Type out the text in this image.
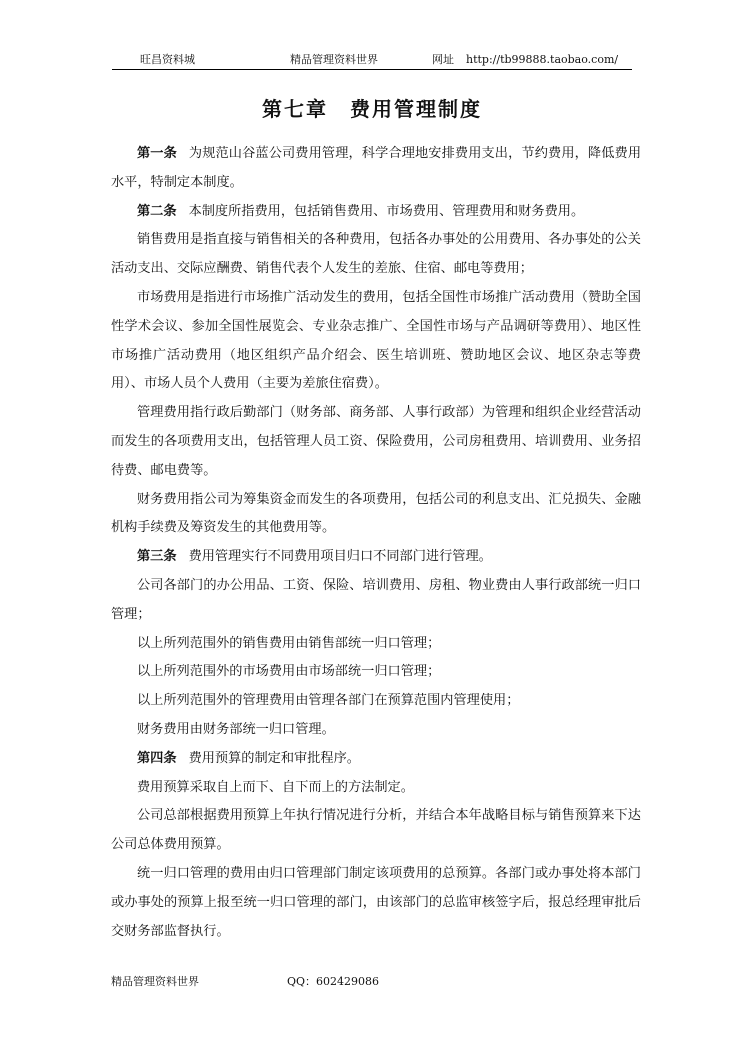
旺昌资料城	精品管理资料世界	网址 http://tb99888.taobao.com/
第七章　费用管理制度

第一条 为规范山谷蓝公司费用管理，科学合理地安排费用支出，节约费用，降低费用水平，特制定本制度。

第二条 本制度所指费用，包括销售费用、市场费用、管理费用和财务费用。

销售费用是指直接与销售相关的各种费用，包括各办事处的公用费用、各办事处的公关活动支出、交际应酬费、销售代表个人发生的差旅、住宿、邮电等费用；

市场费用是指进行市场推广活动发生的费用，包括全国性市场推广活动费用（赞助全国性学术会议、参加全国性展览会、专业杂志推广、全国性市场与产品调研等费用）、地区性市场推广活动费用（地区组织产品介绍会、医生培训班、赞助地区会议、地区杂志等费用）、市场人员个人费用（主要为差旅住宿费）。

管理费用指行政后勤部门（财务部、商务部、人事行政部）为管理和组织企业经营活动而发生的各项费用支出，包括管理人员工资、保险费用，公司房租费用、培训费用、业务招待费、邮电费等。

财务费用指公司为筹集资金而发生的各项费用，包括公司的利息支出、汇兑损失、金融机构手续费及筹资发生的其他费用等。

第三条 费用管理实行不同费用项目归口不同部门进行管理。

公司各部门的办公用品、工资、保险、培训费用、房租、物业费由人事行政部统一归口管理；

以上所列范围外的销售费用由销售部统一归口管理；

以上所列范围外的市场费用由市场部统一归口管理；

以上所列范围外的管理费用由管理各部门在预算范围内管理使用；

财务费用由财务部统一归口管理。

第四条 费用预算的制定和审批程序。

费用预算采取自上而下、自下而上的方法制定。

公司总部根据费用预算上年执行情况进行分析，并结合本年战略目标与销售预算来下达公司总体费用预算。

统一归口管理的费用由归口管理部门制定该项费用的总预算。各部门或办事处将本部门或办事处的预算上报至统一归口管理的部门，由该部门的总监审核签字后，报总经理审批后交财务部监督执行。

精品管理资料世界	QQ：602429086
